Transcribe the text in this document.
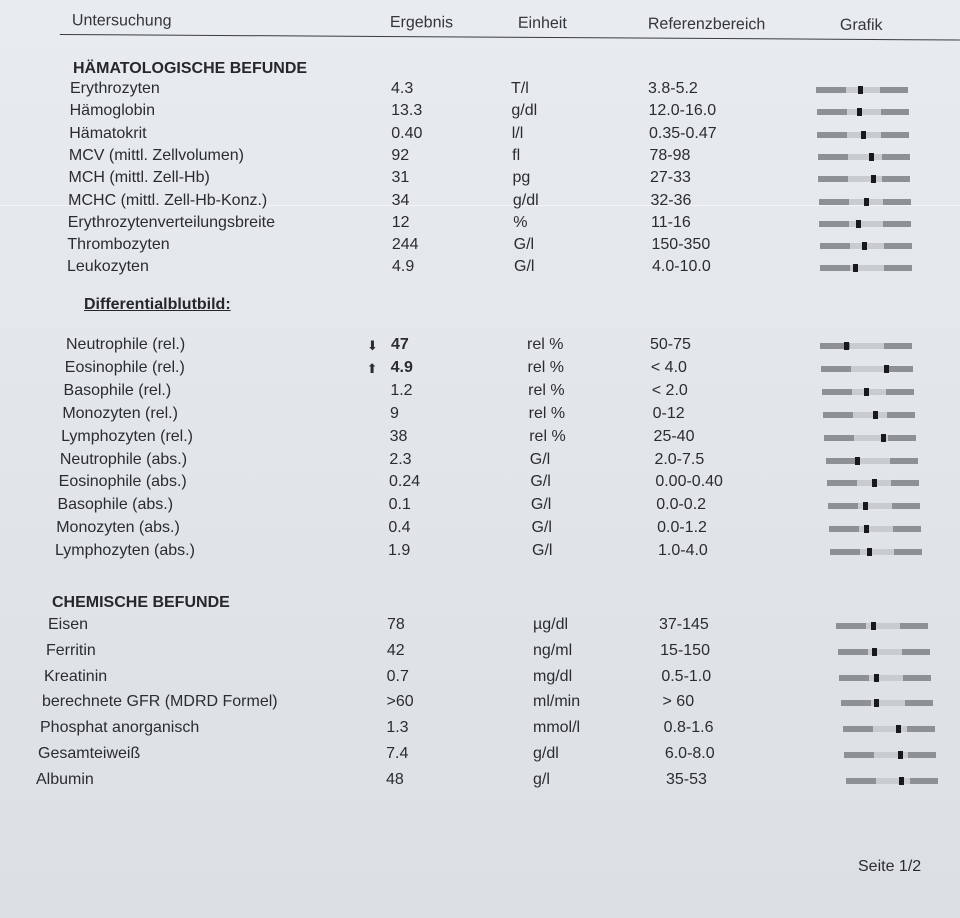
Untersuchung	Ergebnis	Einheit	Referenzbereich	Grafik
HÄMATOLOGISCHE BEFUNDE
Differentialblutbild:
CHEMISCHE BEFUNDE
Erythrozyten	4.3	T/l	3.8-5.2
Hämoglobin	13.3	g/dl	12.0-16.0
Hämatokrit	0.40	l/l	0.35-0.47
MCV (mittl. Zellvolumen)	92	fl	78-98
MCH (mittl. Zell-Hb)	31	pg	27-33
MCHC (mittl. Zell-Hb-Konz.)	34	g/dl	32-36
Erythrozytenverteilungsbreite	12	%	11-16
Thrombozyten	244	G/l	150-350
Leukozyten	4.9	G/l	4.0-10.0
Neutrophile (rel.)	47	rel %	50-75
⬇
Eosinophile (rel.)	4.9	rel %	< 4.0
⬆
Basophile (rel.)	1.2	rel %	< 2.0
Monozyten (rel.)	9	rel %	0-12
Lymphozyten (rel.)	38	rel %	25-40
Neutrophile (abs.)	2.3	G/l	2.0-7.5
Eosinophile (abs.)	0.24	G/l	0.00-0.40
Basophile (abs.)	0.1	G/l	0.0-0.2
Monozyten (abs.)	0.4	G/l	0.0-1.2
Lymphozyten (abs.)	1.9	G/l	1.0-4.0
Eisen	78	µg/dl	37-145
Ferritin	42	ng/ml	15-150
Kreatinin	0.7	mg/dl	0.5-1.0
berechnete GFR (MDRD Formel)	>60	ml/min	> 60
Phosphat anorganisch	1.3	mmol/l	0.8-1.6
Gesamteiweiß	7.4	g/dl	6.0-8.0
Albumin	48	g/l	35-53
Seite 1/2
